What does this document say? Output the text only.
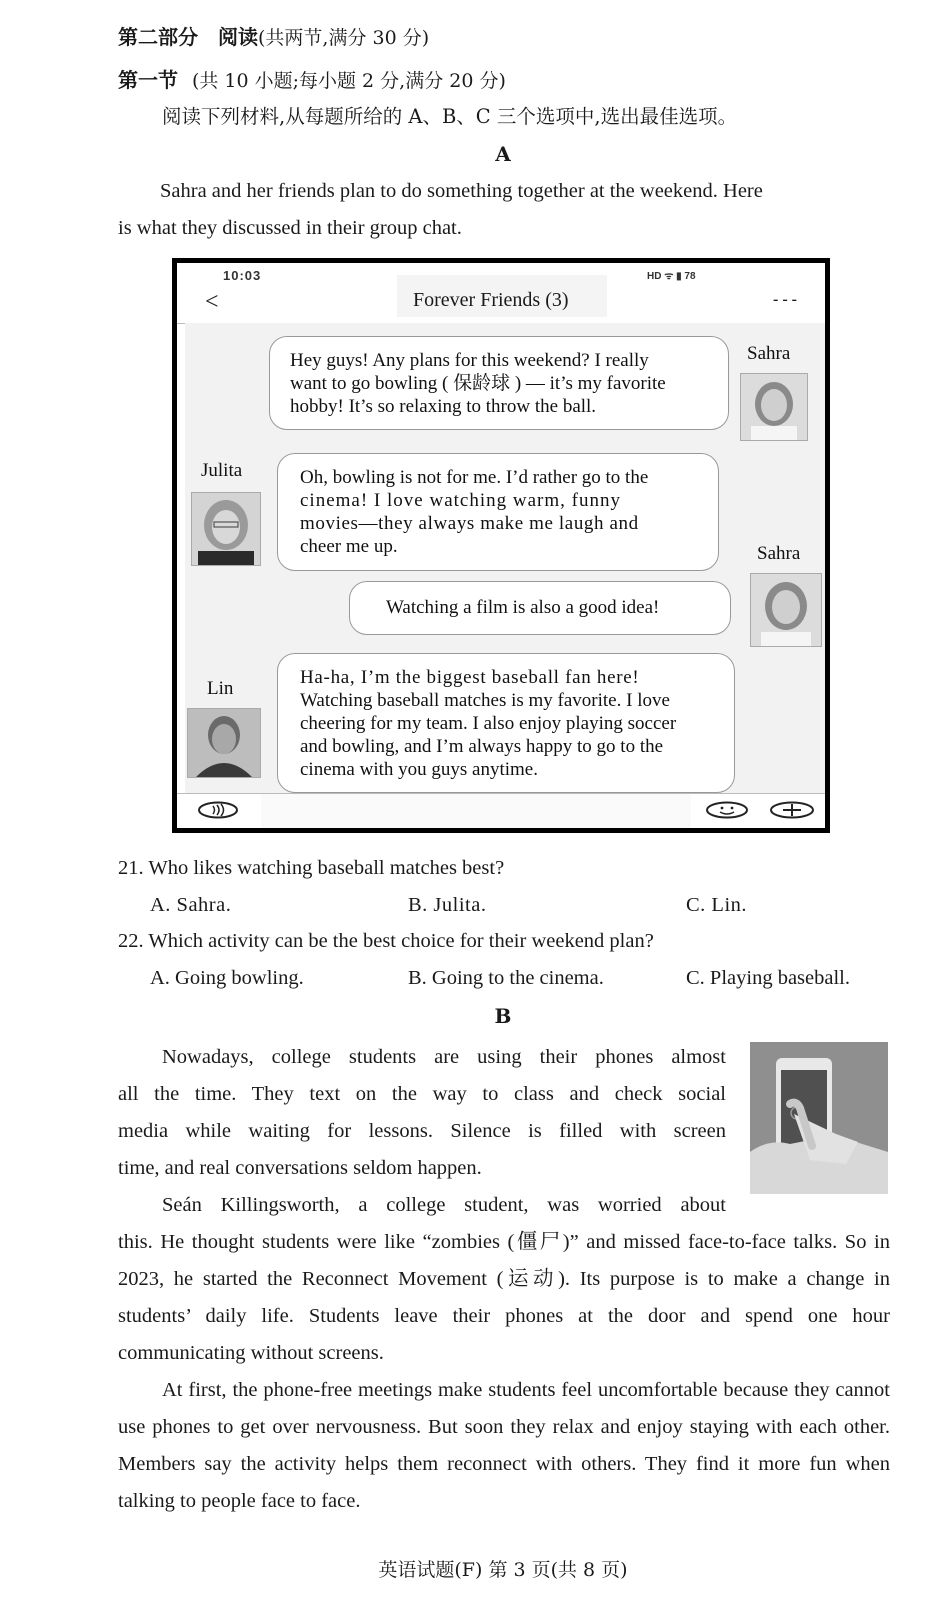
第二部分　阅读(共两节,满分 30 分)
第一节 (共 10 小题;每小题 2 分,满分 20 分)
阅读下列材料,从每题所给的 A、B、C 三个选项中,选出最佳选项。
A
Sahra and her friends plan to do something together at the weekend. Here
is what they discussed in their group chat.
10:03	HD ᯤ ▮ 78
<	Forever Friends (3)	- - -
Hey guys! Any plans for this weekend? I really
want to go bowling ( 保龄球 ) — it’s my favorite
hobby! It’s so relaxing to throw the ball.
Sahra
Julita	Oh, bowling is not for me. I’d rather go to the
cinema! I love watching warm, funny
movies—they always make me laugh and
cheer me up.	Sahra
Watching a film is also a good idea!
Lin
Ha-ha, I’m the biggest baseball fan here!
Watching baseball matches is my favorite. I love
cheering for my team. I also enjoy playing soccer
and bowling, and I’m always happy to go to the
cinema with you guys anytime.
21. Who likes watching baseball matches best?
A. Sahra.	B. Julita.	C. Lin.
22. Which activity can be the best choice for their weekend plan?
A. Going bowling.	B. Going to the cinema.	C. Playing baseball.
B
Nowadays, college students are using their phones almost
all the time. They text on the way to class and check social
media while waiting for lessons. Silence is filled with screen
time, and real conversations seldom happen.
Seán Killingsworth, a college student, was worried about

this. He thought students were like “zombies (僵尸)” and missed face-to-face talks. So in 2023, he started the Reconnect Movement (运动). Its purpose is to make a change in students’ daily life. Students leave their phones at the door and spend one hour communicating without screens.

At first, the phone-free meetings make students feel uncomfortable because they cannot use phones to get over nervousness. But soon they relax and enjoy staying with each other. Members say the activity helps them reconnect with others. They find it more fun when talking to people face to face.

英语试题(F) 第 3 页(共 8 页)
